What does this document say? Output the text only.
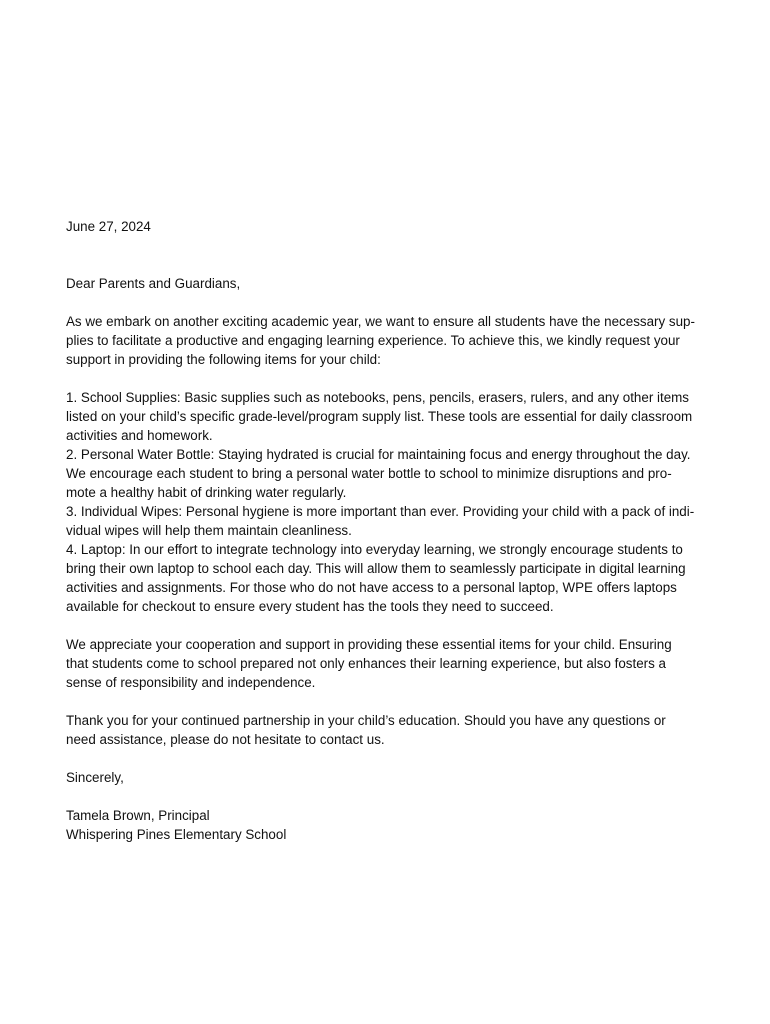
June 27, 2024
Dear Parents and Guardians,
As we embark on another exciting academic year, we want to ensure all students have the necessary sup-
plies to facilitate a productive and engaging learning experience. To achieve this, we kindly request your
support in providing the following items for your child:
1. School Supplies: Basic supplies such as notebooks, pens, pencils, erasers, rulers, and any other items
listed on your child’s specific grade-level/program supply list. These tools are essential for daily classroom
activities and homework.
2. Personal Water Bottle: Staying hydrated is crucial for maintaining focus and energy throughout the day.
We encourage each student to bring a personal water bottle to school to minimize disruptions and pro-
mote a healthy habit of drinking water regularly.
3. Individual Wipes: Personal hygiene is more important than ever. Providing your child with a pack of indi-
vidual wipes will help them maintain cleanliness.
4. Laptop: In our effort to integrate technology into everyday learning, we strongly encourage students to
bring their own laptop to school each day. This will allow them to seamlessly participate in digital learning
activities and assignments. For those who do not have access to a personal laptop, WPE offers laptops
available for checkout to ensure every student has the tools they need to succeed.
We appreciate your cooperation and support in providing these essential items for your child. Ensuring
that students come to school prepared not only enhances their learning experience, but also fosters a
sense of responsibility and independence.
Thank you for your continued partnership in your child’s education. Should you have any questions or
need assistance, please do not hesitate to contact us.
Sincerely,
Tamela Brown, Principal
Whispering Pines Elementary School
